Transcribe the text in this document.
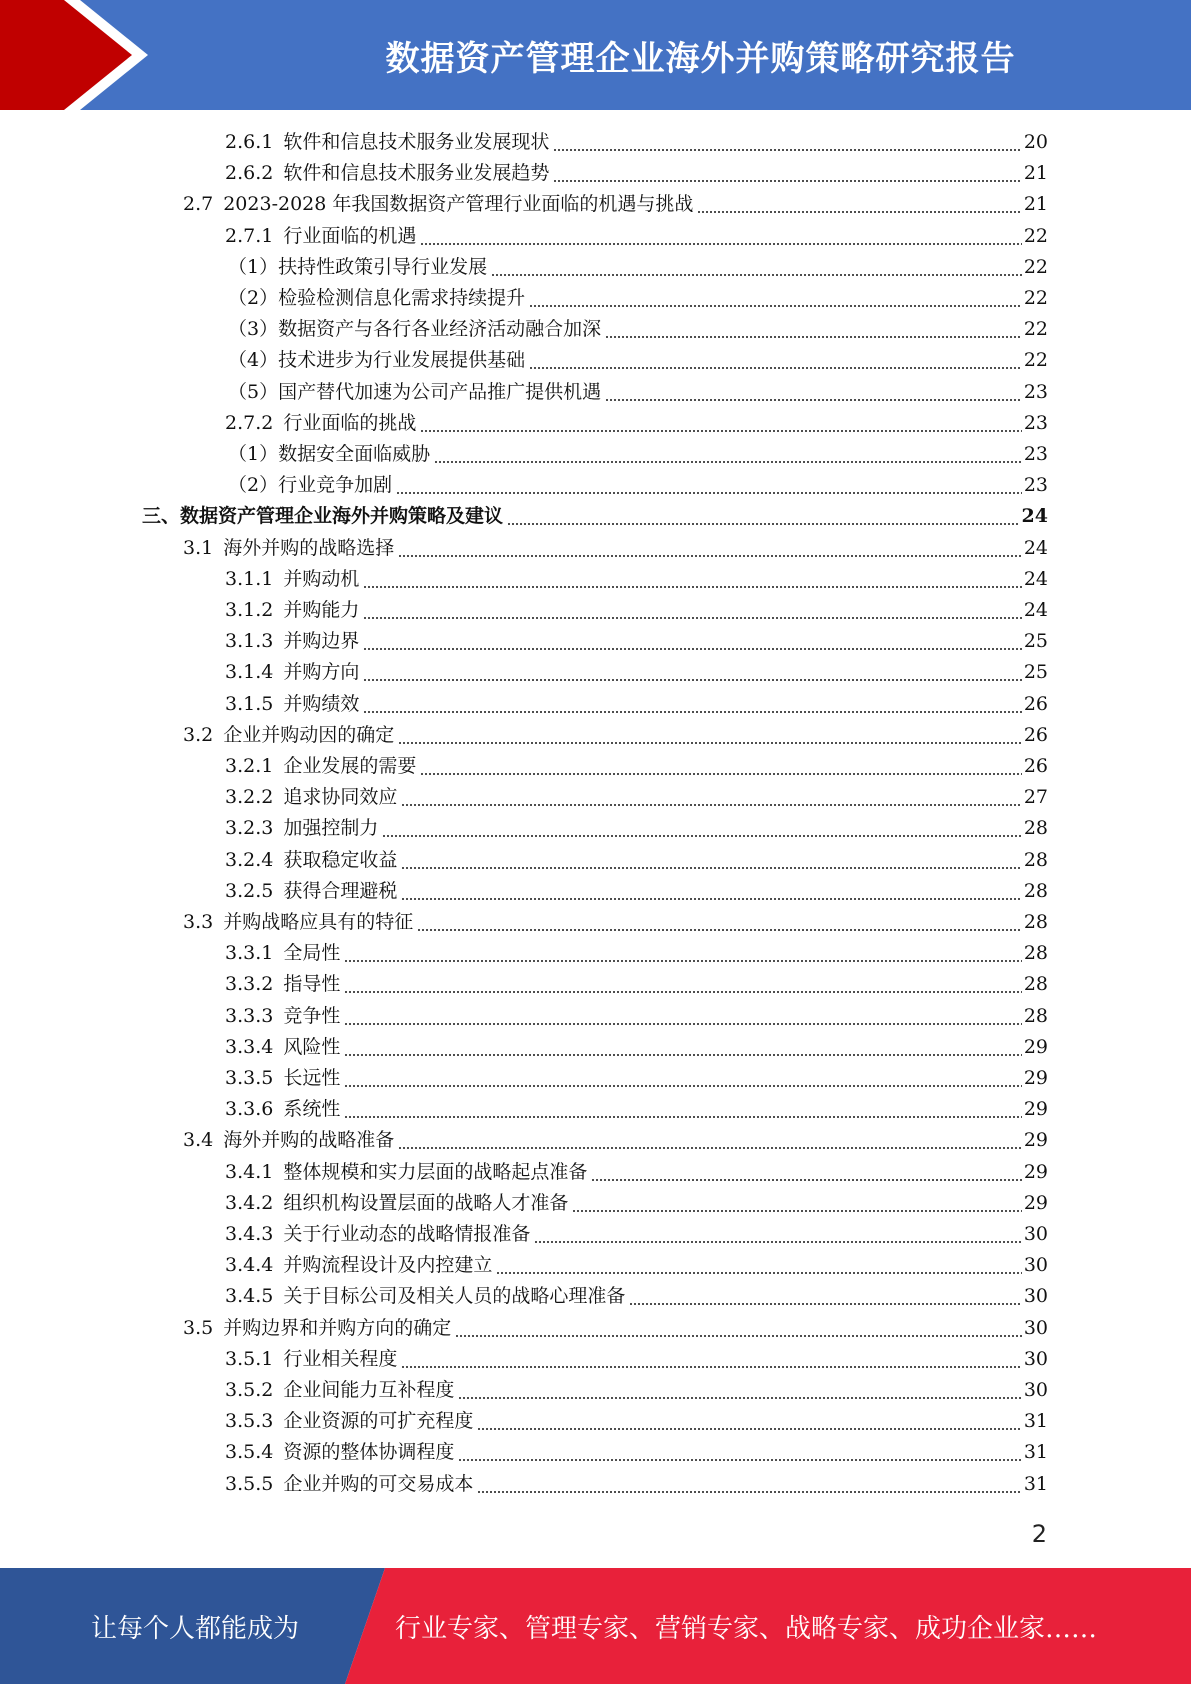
数据资产管理企业海外并购策略研究报告
2.6.1 软件和信息技术服务业发展现状	20
2.6.2 软件和信息技术服务业发展趋势	21
2.7 2023-2028 年我国数据资产管理行业面临的机遇与挑战	21
2.7.1 行业面临的机遇	22
（1）扶持性政策引导行业发展	22
（2）检验检测信息化需求持续提升	22
（3）数据资产与各行各业经济活动融合加深	22
（4）技术进步为行业发展提供基础	22
（5）国产替代加速为公司产品推广提供机遇	23
2.7.2 行业面临的挑战	23
（1）数据安全面临威胁	23
（2）行业竞争加剧	23
三、数据资产管理企业海外并购策略及建议	24
3.1 海外并购的战略选择	24
3.1.1 并购动机	24
3.1.2 并购能力	24
3.1.3 并购边界	25
3.1.4 并购方向	25
3.1.5 并购绩效	26
3.2 企业并购动因的确定	26
3.2.1 企业发展的需要	26
3.2.2 追求协同效应	27
3.2.3 加强控制力	28
3.2.4 获取稳定收益	28
3.2.5 获得合理避税	28
3.3 并购战略应具有的特征	28
3.3.1 全局性	28
3.3.2 指导性	28
3.3.3 竞争性	28
3.3.4 风险性	29
3.3.5 长远性	29
3.3.6 系统性	29
3.4 海外并购的战略准备	29
3.4.1 整体规模和实力层面的战略起点准备	29
3.4.2 组织机构设置层面的战略人才准备	29
3.4.3 关于行业动态的战略情报准备	30
3.4.4 并购流程设计及内控建立	30
3.4.5 关于目标公司及相关人员的战略心理准备	30
3.5 并购边界和并购方向的确定	30
3.5.1 行业相关程度	30
3.5.2 企业间能力互补程度	30
3.5.3 企业资源的可扩充程度	31
3.5.4 资源的整体协调程度	31
3.5.5 企业并购的可交易成本	31
2
让每个人都能成为	行业专家、管理专家、营销专家、战略专家、成功企业家……
